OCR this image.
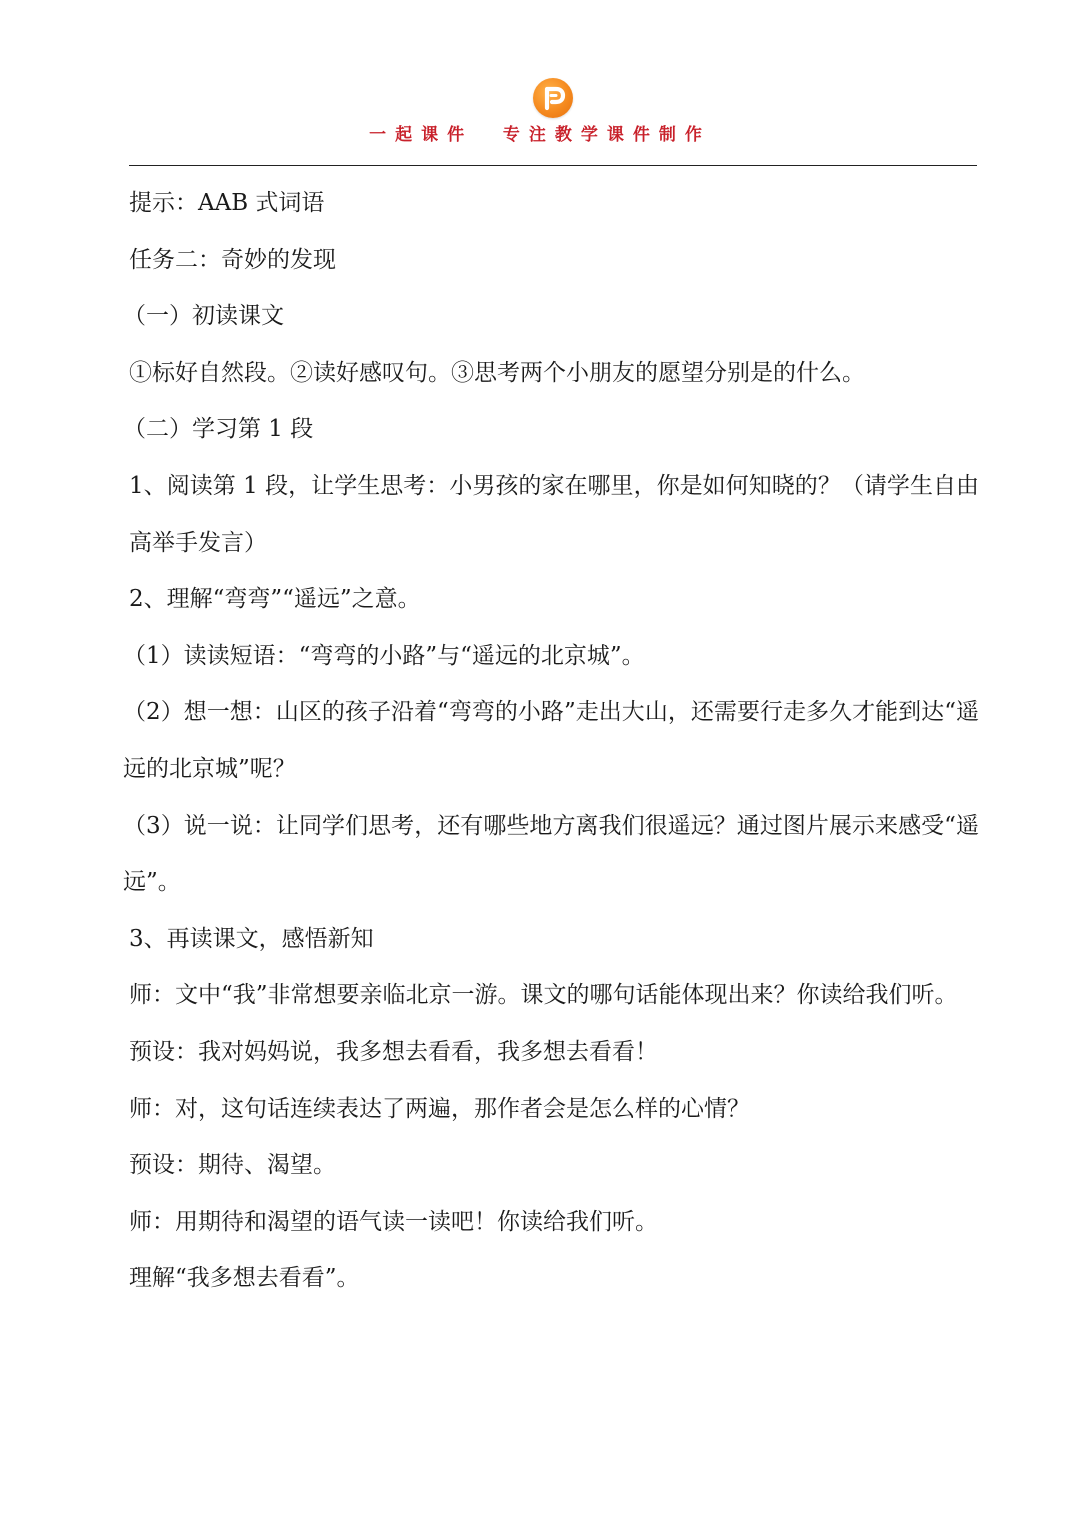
一起课件  专注教学课件制作

提示：AAB 式词语

任务二：奇妙的发现

（一）初读课文

①标好自然段。②读好感叹句。③思考两个小朋友的愿望分别是的什么。

（二）学习第 1 段

1、阅读第 1 段，让学生思考：小男孩的家在哪里，你是如何知晓的？（请学生自由高举手发言）

2、理解“弯弯”“遥远”之意。

（1）读读短语：“弯弯的小路”与“遥远的北京城”。

（2）想一想：山区的孩子沿着“弯弯的小路”走出大山，还需要行走多久才能到达“遥远的北京城”呢？

（3）说一说：让同学们思考，还有哪些地方离我们很遥远？通过图片展示来感受“遥远”。

3、再读课文，感悟新知

师：文中“我”非常想要亲临北京一游。课文的哪句话能体现出来？你读给我们听。

预设：我对妈妈说，我多想去看看，我多想去看看！

师：对，这句话连续表达了两遍，那作者会是怎么样的心情？

预设：期待、渴望。

师：用期待和渴望的语气读一读吧！你读给我们听。

理解“我多想去看看”。
